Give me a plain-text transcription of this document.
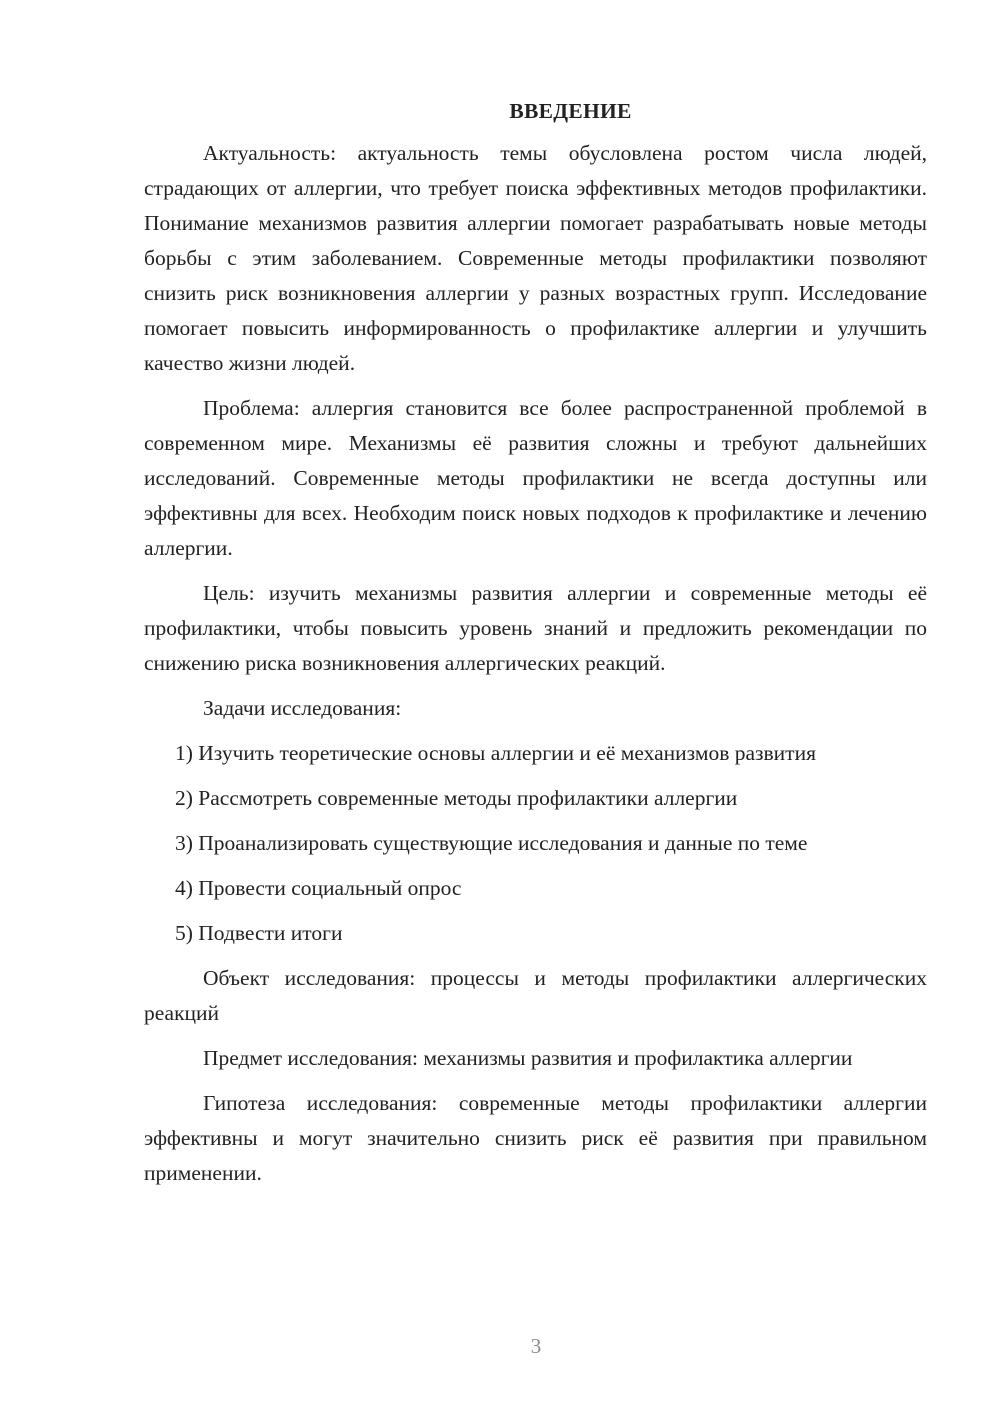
ВВЕДЕНИЕ

Актуальность: актуальность темы обусловлена ростом числа людей, страдающих от аллергии, что требует поиска эффективных методов профилактики. Понимание механизмов развития аллергии помогает разрабатывать новые методы борьбы с этим заболеванием. Современные методы профилактики позволяют снизить риск возникновения аллергии у разных возрастных групп. Исследование помогает повысить информированность о профилактике аллергии и улучшить качество жизни людей.

Проблема: аллергия становится все более распространенной проблемой в современном мире. Механизмы её развития сложны и требуют дальнейших исследований. Современные методы профилактики не всегда доступны или эффективны для всех. Необходим поиск новых подходов к профилактике и лечению аллергии.

Цель: изучить механизмы развития аллергии и современные методы её профилактики, чтобы повысить уровень знаний и предложить рекомендации по снижению риска возникновения аллергических реакций.

Задачи исследования:
1) Изучить теоретические основы аллергии и её механизмов развития
2) Рассмотреть современные методы профилактики аллергии
3) Проанализировать существующие исследования и данные по теме
4) Провести социальный опрос
5) Подвести итоги

Объект исследования: процессы и методы профилактики аллергических реакций

Предмет исследования: механизмы развития и профилактика аллергии

Гипотеза исследования: современные методы профилактики аллергии эффективны и могут значительно снизить риск её развития при правильном применении.

3
